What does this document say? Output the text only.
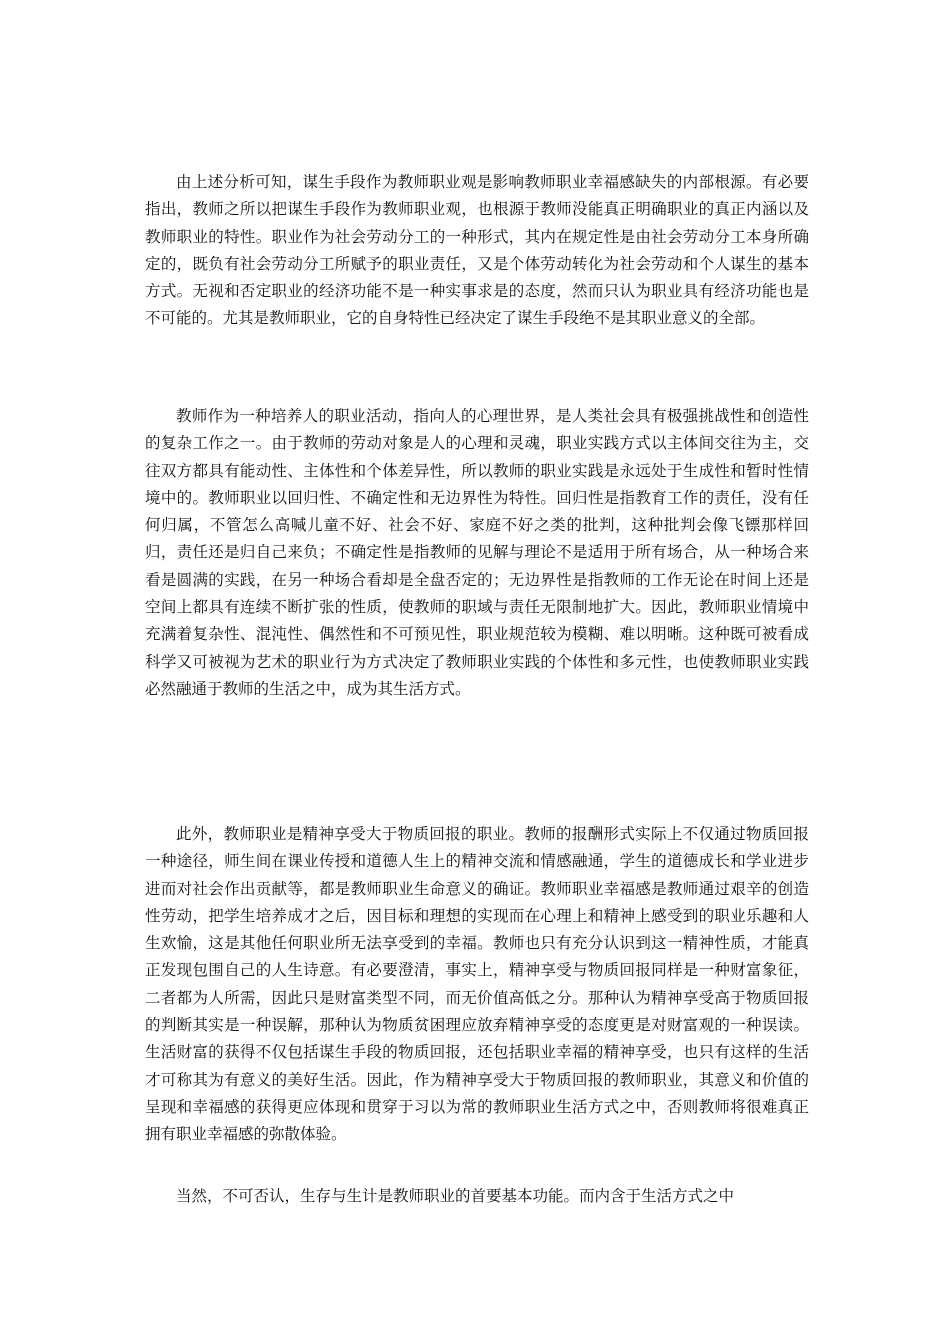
由上述分析可知，谋生手段作为教师职业观是影响教师职业幸福感缺失的内部根源。有必要指出，教师之所以把谋生手段作为教师职业观，也根源于教师没能真正明确职业的真正内涵以及教师职业的特性。职业作为社会劳动分工的一种形式，其内在规定性是由社会劳动分工本身所确定的，既负有社会劳动分工所赋予的职业责任，又是个体劳动转化为社会劳动和个人谋生的基本方式。无视和否定职业的经济功能不是一种实事求是的态度，然而只认为职业具有经济功能也是不可能的。尤其是教师职业，它的自身特性已经决定了谋生手段绝不是其职业意义的全部。

教师作为一种培养人的职业活动，指向人的心理世界，是人类社会具有极强挑战性和创造性的复杂工作之一。由于教师的劳动对象是人的心理和灵魂，职业实践方式以主体间交往为主，交往双方都具有能动性、主体性和个体差异性，所以教师的职业实践是永远处于生成性和暂时性情境中的。教师职业以回归性、不确定性和无边界性为特性。回归性是指教育工作的责任，没有任何归属，不管怎么高喊儿童不好、社会不好、家庭不好之类的批判，这种批判会像飞镖那样回归，责任还是归自己来负；不确定性是指教师的见解与理论不是适用于所有场合，从一种场合来看是圆满的实践，在另一种场合看却是全盘否定的；无边界性是指教师的工作无论在时间上还是空间上都具有连续不断扩张的性质，使教师的职域与责任无限制地扩大。因此，教师职业情境中充满着复杂性、混沌性、偶然性和不可预见性，职业规范较为模糊、难以明晰。这种既可被看成科学又可被视为艺术的职业行为方式决定了教师职业实践的个体性和多元性，也使教师职业实践必然融通于教师的生活之中，成为其生活方式。

此外，教师职业是精神享受大于物质回报的职业。教师的报酬形式实际上不仅通过物质回报一种途径，师生间在课业传授和道德人生上的精神交流和情感融通，学生的道德成长和学业进步进而对社会作出贡献等，都是教师职业生命意义的确证。教师职业幸福感是教师通过艰辛的创造性劳动，把学生培养成才之后，因目标和理想的实现而在心理上和精神上感受到的职业乐趣和人生欢愉，这是其他任何职业所无法享受到的幸福。教师也只有充分认识到这一精神性质，才能真正发现包围自己的人生诗意。有必要澄清，事实上，精神享受与物质回报同样是一种财富象征，二者都为人所需，因此只是财富类型不同，而无价值高低之分。那种认为精神享受高于物质回报的判断其实是一种误解，那种认为物质贫困理应放弃精神享受的态度更是对财富观的一种误读。生活财富的获得不仅包括谋生手段的物质回报，还包括职业幸福的精神享受，也只有这样的生活才可称其为有意义的美好生活。因此，作为精神享受大于物质回报的教师职业，其意义和价值的呈现和幸福感的获得更应体现和贯穿于习以为常的教师职业生活方式之中，否则教师将很难真正拥有职业幸福感的弥散体验。

当然，不可否认，生存与生计是教师职业的首要基本功能。而内含于生活方式之中
